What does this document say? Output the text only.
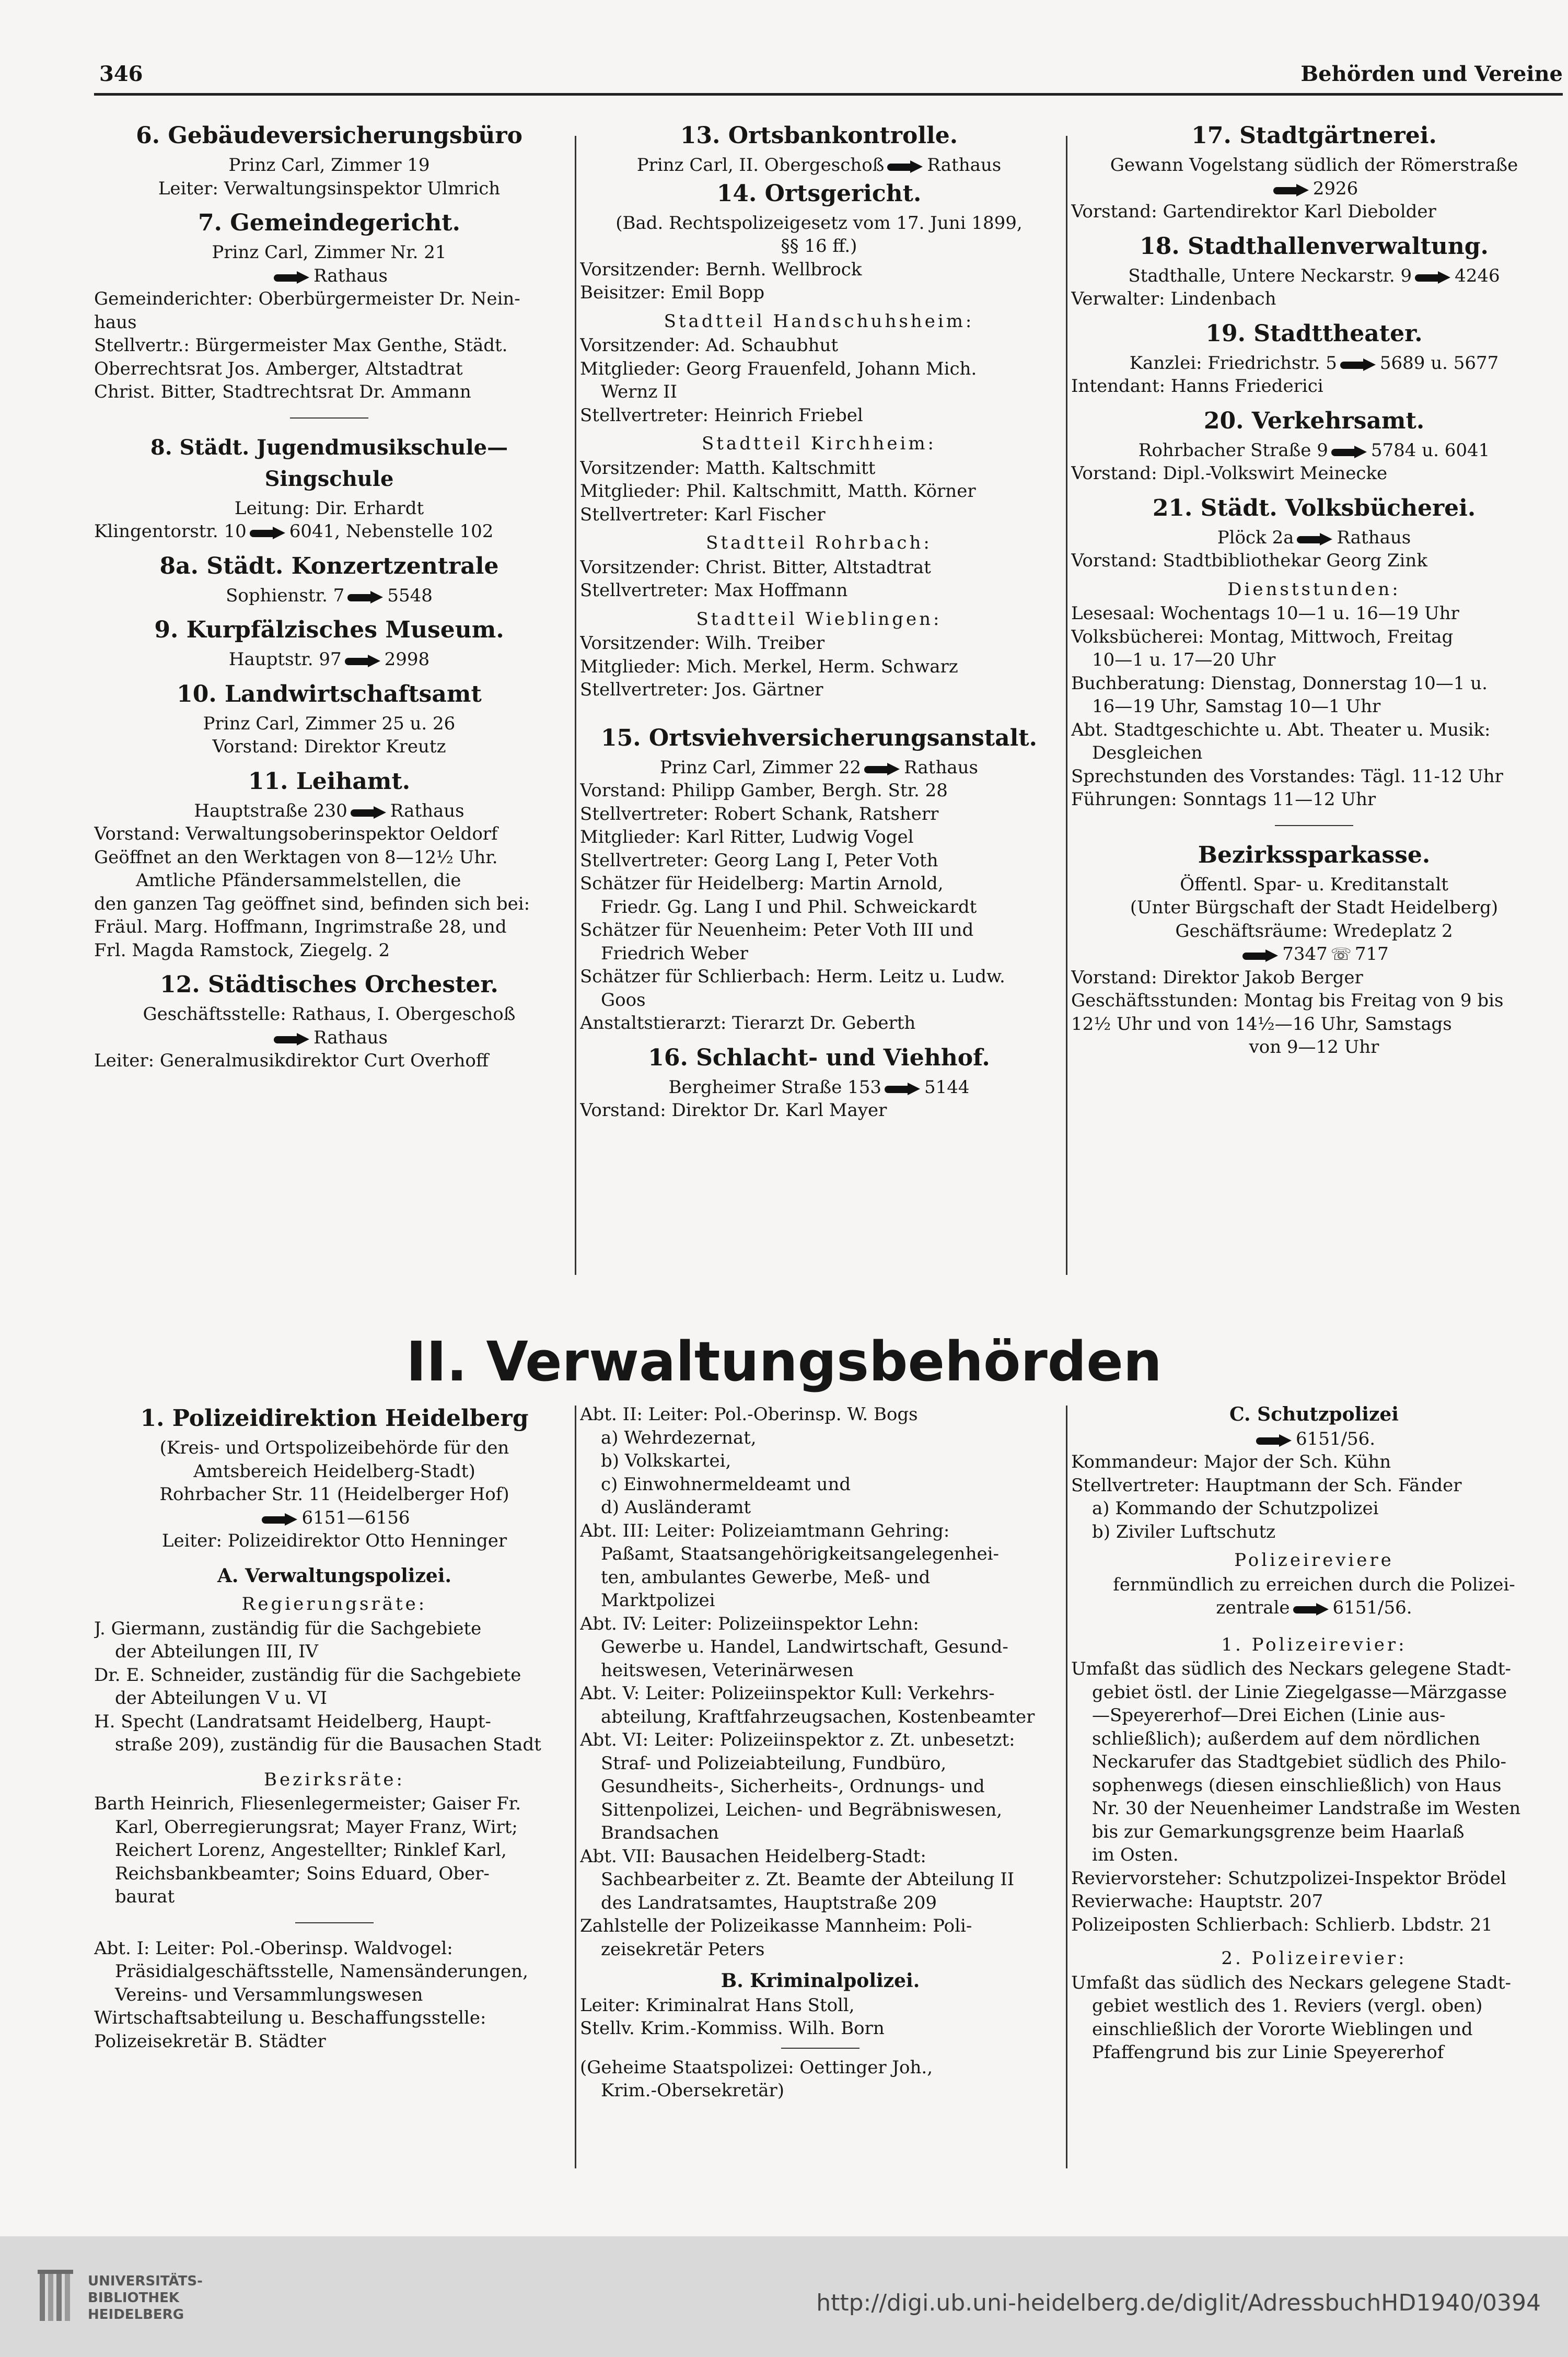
346	Behörden und Vereine
6. Gebäudeversicherungsbüro
Prinz Carl, Zimmer 19
Leiter: Verwaltungsinspektor Ulmrich
7. Gemeindegericht.
Prinz Carl, Zimmer Nr. 21
Rathaus
Gemeinderichter: Oberbürgermeister Dr. Nein-
haus
Stellvertr.: Bürgermeister Max Genthe, Städt.
Oberrechtsrat Jos. Amberger, Altstadtrat
Christ. Bitter, Stadtrechtsrat Dr. Ammann
8. Städt. Jugendmusikschule—Singschule
Leitung: Dir. Erhardt
Klingentorstr. 10 6041, Nebenstelle 102
8a. Städt. Konzertzentrale
Sophienstr. 7 5548
9. Kurpfälzisches Museum.
Hauptstr. 97 2998
10. Landwirtschaftsamt
Prinz Carl, Zimmer 25 u. 26
Vorstand: Direktor Kreutz
11. Leihamt.
Hauptstraße 230 Rathaus
Vorstand: Verwaltungsoberinspektor Oeldorf
Geöffnet an den Werktagen von 8—12½ Uhr.
Amtliche Pfändersammelstellen, die
den ganzen Tag geöffnet sind, befinden sich bei:
Fräul. Marg. Hoffmann, Ingrimstraße 28, und
Frl. Magda Ramstock, Ziegelg. 2
12. Städtisches Orchester.
Geschäftsstelle: Rathaus, I. Obergeschoß
Rathaus
Leiter: Generalmusikdirektor Curt Overhoff
13. Ortsbankontrolle.
Prinz Carl, II. Obergeschoß Rathaus
14. Ortsgericht.
(Bad. Rechtspolizeigesetz vom 17. Juni 1899,
§§ 16 ff.)
Vorsitzender: Bernh. Wellbrock
Beisitzer: Emil Bopp
Stadtteil Handschuhsheim:
Vorsitzender: Ad. Schaubhut
Mitglieder: Georg Frauenfeld, Johann Mich.
Wernz II
Stellvertreter: Heinrich Friebel
Stadtteil Kirchheim:
Vorsitzender: Matth. Kaltschmitt
Mitglieder: Phil. Kaltschmitt, Matth. Körner
Stellvertreter: Karl Fischer
Stadtteil Rohrbach:
Vorsitzender: Christ. Bitter, Altstadtrat
Stellvertreter: Max Hoffmann
Stadtteil Wieblingen:
Vorsitzender: Wilh. Treiber
Mitglieder: Mich. Merkel, Herm. Schwarz
Stellvertreter: Jos. Gärtner
15. Ortsviehversicherungsanstalt.
Prinz Carl, Zimmer 22 Rathaus
Vorstand: Philipp Gamber, Bergh. Str. 28
Stellvertreter: Robert Schank, Ratsherr
Mitglieder: Karl Ritter, Ludwig Vogel
Stellvertreter: Georg Lang I, Peter Voth
Schätzer für Heidelberg: Martin Arnold,
Friedr. Gg. Lang I und Phil. Schweickardt
Schätzer für Neuenheim: Peter Voth III und
Friedrich Weber
Schätzer für Schlierbach: Herm. Leitz u. Ludw.
Goos
Anstaltstierarzt: Tierarzt Dr. Geberth
16. Schlacht- und Viehhof.
Bergheimer Straße 153 5144
Vorstand: Direktor Dr. Karl Mayer
17. Stadtgärtnerei.
Gewann Vogelstang südlich der Römerstraße
2926
Vorstand: Gartendirektor Karl Diebolder
18. Stadthallenverwaltung.
Stadthalle, Untere Neckarstr. 9 4246
Verwalter: Lindenbach
19. Stadttheater.
Kanzlei: Friedrichstr. 5 5689 u. 5677
Intendant: Hanns Friederici
20. Verkehrsamt.
Rohrbacher Straße 9 5784 u. 6041
Vorstand: Dipl.-Volkswirt Meinecke
21. Städt. Volksbücherei.
Plöck 2a Rathaus
Vorstand: Stadtbibliothekar Georg Zink
Dienststunden:
Lesesaal: Wochentags 10—1 u. 16—19 Uhr
Volksbücherei: Montag, Mittwoch, Freitag
10—1 u. 17—20 Uhr
Buchberatung: Dienstag, Donnerstag 10—1 u.
16—19 Uhr, Samstag 10—1 Uhr
Abt. Stadtgeschichte u. Abt. Theater u. Musik:
Desgleichen
Sprechstunden des Vorstandes: Tägl. 11-12 Uhr
Führungen: Sonntags 11—12 Uhr
Bezirkssparkasse.
Öffentl. Spar- u. Kreditanstalt
(Unter Bürgschaft der Stadt Heidelberg)
Geschäftsräume: Wredeplatz 2
7347 ☏ 717
Vorstand: Direktor Jakob Berger
Geschäftsstunden: Montag bis Freitag von 9 bis
12½ Uhr und von 14½—16 Uhr, Samstags
von 9—12 Uhr
II. Verwaltungsbehörden
1. Polizeidirektion Heidelberg
(Kreis- und Ortspolizeibehörde für den
Amtsbereich Heidelberg-Stadt)
Rohrbacher Str. 11 (Heidelberger Hof)
6151—6156
Leiter: Polizeidirektor Otto Henninger
A. Verwaltungspolizei.
Regierungsräte:
J. Giermann, zuständig für die Sachgebiete
der Abteilungen III, IV
Dr. E. Schneider, zuständig für die Sachgebiete
der Abteilungen V u. VI
H. Specht (Landratsamt Heidelberg, Haupt-
straße 209), zuständig für die Bausachen Stadt
Bezirksräte:
Barth Heinrich, Fliesenlegermeister; Gaiser Fr.
Karl, Oberregierungsrat; Mayer Franz, Wirt;
Reichert Lorenz, Angestellter; Rinklef Karl,
Reichsbankbeamter; Soins Eduard, Ober-
baurat
Abt. I: Leiter: Pol.-Oberinsp. Waldvogel:
Präsidialgeschäftsstelle, Namensänderungen,
Vereins- und Versammlungswesen
Wirtschaftsabteilung u. Beschaffungsstelle:
Polizeisekretär B. Städter
Abt. II: Leiter: Pol.-Oberinsp. W. Bogs
a) Wehrdezernat,
b) Volkskartei,
c) Einwohnermeldeamt und
d) Ausländeramt
Abt. III: Leiter: Polizeiamtmann Gehring:
Paßamt, Staatsangehörigkeitsangelegenhei-
ten, ambulantes Gewerbe, Meß- und
Marktpolizei
Abt. IV: Leiter: Polizeiinspektor Lehn:
Gewerbe u. Handel, Landwirtschaft, Gesund-
heitswesen, Veterinärwesen
Abt. V: Leiter: Polizeiinspektor Kull: Verkehrs-
abteilung, Kraftfahrzeugsachen, Kostenbeamter
Abt. VI: Leiter: Polizeiinspektor z. Zt. unbesetzt:
Straf- und Polizeiabteilung, Fundbüro,
Gesundheits-, Sicherheits-, Ordnungs- und
Sittenpolizei, Leichen- und Begräbniswesen,
Brandsachen
Abt. VII: Bausachen Heidelberg-Stadt:
Sachbearbeiter z. Zt. Beamte der Abteilung II
des Landratsamtes, Hauptstraße 209
Zahlstelle der Polizeikasse Mannheim: Poli-
zeisekretär Peters
B. Kriminalpolizei.
Leiter: Kriminalrat Hans Stoll,
Stellv. Krim.-Kommiss. Wilh. Born
(Geheime Staatspolizei: Oettinger Joh.,
Krim.-Obersekretär)
C. Schutzpolizei
6151/56.
Kommandeur: Major der Sch. Kühn
Stellvertreter: Hauptmann der Sch. Fänder
a) Kommando der Schutzpolizei
b) Ziviler Luftschutz
Polizeireviere
fernmündlich zu erreichen durch die Polizei-
zentrale 6151/56.
1. Polizeirevier:
Umfaßt das südlich des Neckars gelegene Stadt-
gebiet östl. der Linie Ziegelgasse—Märzgasse
—Speyererhof—Drei Eichen (Linie aus-
schließlich); außerdem auf dem nördlichen
Neckarufer das Stadtgebiet südlich des Philo-
sophenwegs (diesen einschließlich) von Haus
Nr. 30 der Neuenheimer Landstraße im Westen
bis zur Gemarkungsgrenze beim Haarlaß
im Osten.
Reviervorsteher: Schutzpolizei-Inspektor Brödel
Revierwache: Hauptstr. 207
Polizeiposten Schlierbach: Schlierb. Lbdstr. 21
2. Polizeirevier:
Umfaßt das südlich des Neckars gelegene Stadt-
gebiet westlich des 1. Reviers (vergl. oben)
einschließlich der Vororte Wieblingen und
Pfaffengrund bis zur Linie Speyererhof
UNIVERSITÄTS-
BIBLIOTHEK
HEIDELBERG	http://digi.ub.uni-heidelberg.de/diglit/AdressbuchHD1940/0394
